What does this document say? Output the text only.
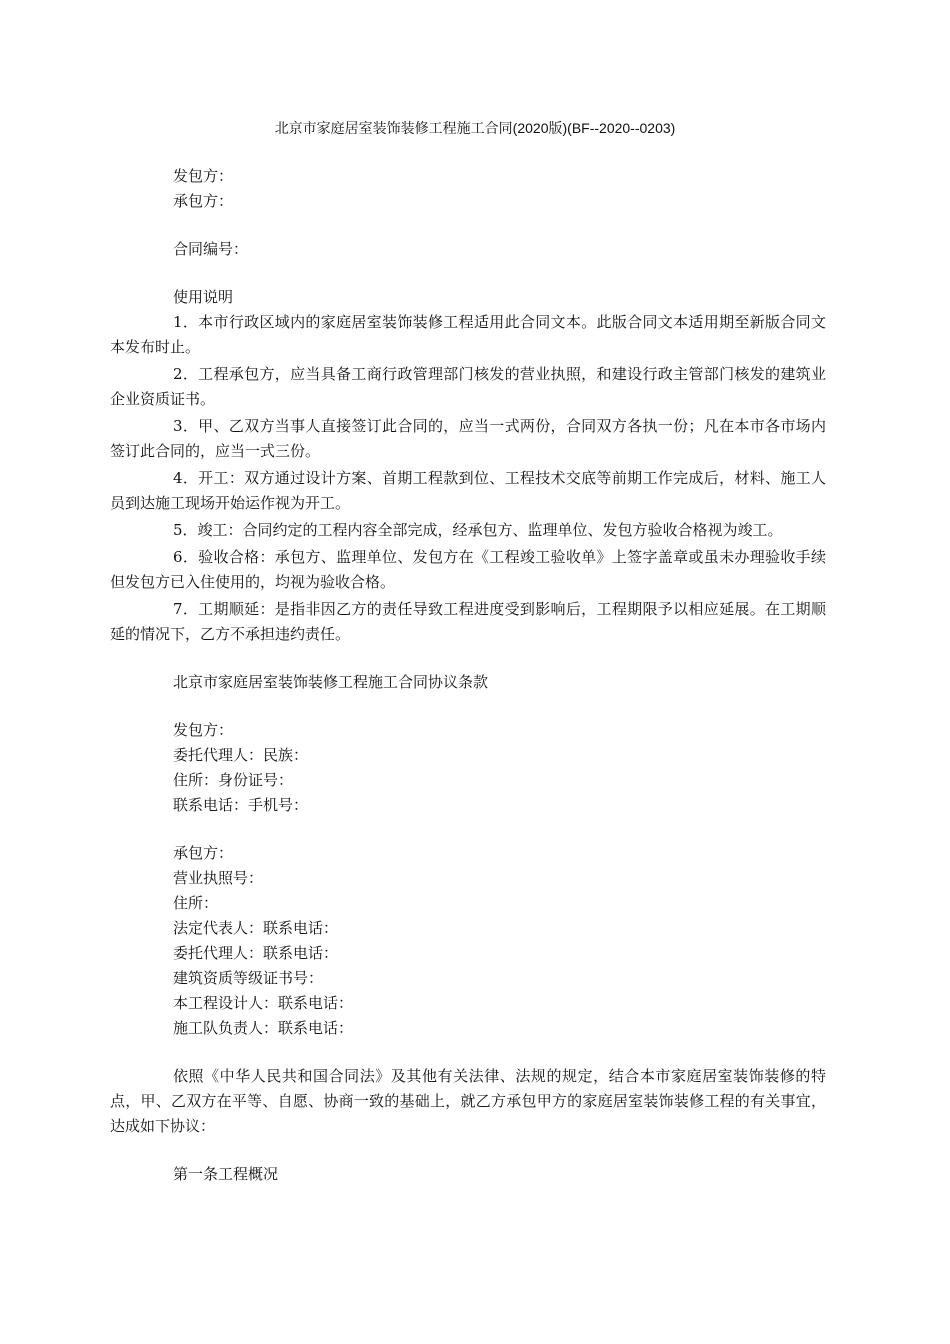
北京市家庭居室装饰装修工程施工合同(2020版)(BF--2020--0203)
发包方：
承包方：
合同编号：
使用说明

1．本市行政区域内的家庭居室装饰装修工程适用此合同文本。此版合同文本适用期至新版合同文本发布时止。

2．工程承包方，应当具备工商行政管理部门核发的营业执照，和建设行政主管部门核发的建筑业企业资质证书。

3．甲、乙双方当事人直接签订此合同的，应当一式两份，合同双方各执一份；凡在本市各市场内签订此合同的，应当一式三份。

4．开工：双方通过设计方案、首期工程款到位、工程技术交底等前期工作完成后，材料、施工人员到达施工现场开始运作视为开工。

5．竣工：合同约定的工程内容全部完成，经承包方、监理单位、发包方验收合格视为竣工。

6．验收合格：承包方、监理单位、发包方在《工程竣工验收单》上签字盖章或虽未办理验收手续但发包方已入住使用的，均视为验收合格。

7．工期顺延：是指非因乙方的责任导致工程进度受到影响后，工程期限予以相应延展。在工期顺延的情况下，乙方不承担违约责任。

北京市家庭居室装饰装修工程施工合同协议条款
发包方：
委托代理人：民族：
住所：身份证号：
联系电话：手机号：
承包方：
营业执照号：
住所：
法定代表人：联系电话：
委托代理人：联系电话：
建筑资质等级证书号：
本工程设计人：联系电话：
施工队负责人：联系电话：

依照《中华人民共和国合同法》及其他有关法律、法规的规定，结合本市家庭居室装饰装修的特点，甲、乙双方在平等、自愿、协商一致的基础上，就乙方承包甲方的家庭居室装饰装修工程的有关事宜，达成如下协议：

第一条工程概况
